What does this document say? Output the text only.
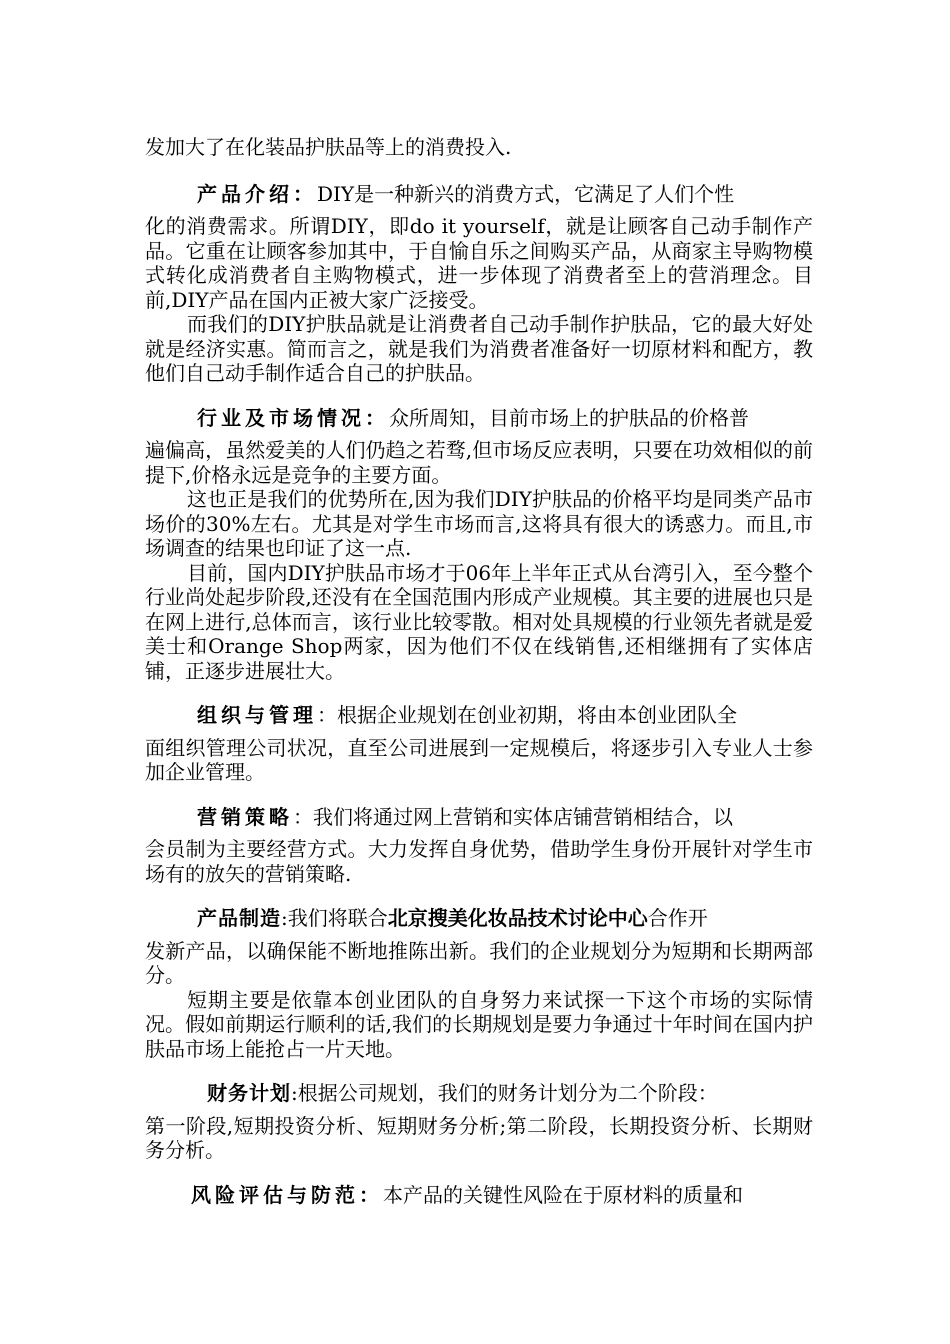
发加大了在化装品护肤品等上的消费投入.

产品介绍：DIY是一种新兴的消费方式，它满足了人们个性

化的消费需求。所谓DIY，即do it yourself，就是让顾客自己动手制作产品。它重在让顾客参加其中，于自愉自乐之间购买产品，从商家主导购物模式转化成消费者自主购物模式，进一步体现了消费者至上的营消理念。目前,DIY产品在国内正被大家广泛接受。

而我们的DIY护肤品就是让消费者自己动手制作护肤品，它的最大好处就是经济实惠。简而言之，就是我们为消费者准备好一切原材料和配方，教他们自己动手制作适合自己的护肤品。

行业及市场情况：众所周知，目前市场上的护肤品的价格普

遍偏高，虽然爱美的人们仍趋之若骛,但市场反应表明，只要在功效相似的前提下,价格永远是竞争的主要方面。

这也正是我们的优势所在,因为我们DIY护肤品的价格平均是同类产品市场价的30%左右。尤其是对学生市场而言,这将具有很大的诱惑力。而且,市场调查的结果也印证了这一点.

目前，国内DIY护肤品市场才于06年上半年正式从台湾引入，至今整个行业尚处起步阶段,还没有在全国范围内形成产业规模。其主要的进展也只是在网上进行,总体而言，该行业比较零散。相对处具规模的行业领先者就是爱美士和Orange Shop两家，因为他们不仅在线销售,还相继拥有了实体店铺，正逐步进展壮大。

组织与管理：根据企业规划在创业初期，将由本创业团队全

面组织管理公司状况，直至公司进展到一定规模后，将逐步引入专业人士参加企业管理。

营销策略：我们将通过网上营销和实体店铺营销相结合，以

会员制为主要经营方式。大力发挥自身优势，借助学生身份开展针对学生市场有的放矢的营销策略.

产品制造:我们将联合北京搜美化妆品技术讨论中心合作开

发新产品，以确保能不断地推陈出新。我们的企业规划分为短期和长期两部分。

短期主要是依靠本创业团队的自身努力来试探一下这个市场的实际情况。假如前期运行顺利的话,我们的长期规划是要力争通过十年时间在国内护肤品市场上能抢占一片天地。

财务计划:根据公司规划，我们的财务计划分为二个阶段：

第一阶段,短期投资分析、短期财务分析;第二阶段，长期投资分析、长期财务分析。

风险评估与防范：本产品的关键性风险在于原材料的质量和
